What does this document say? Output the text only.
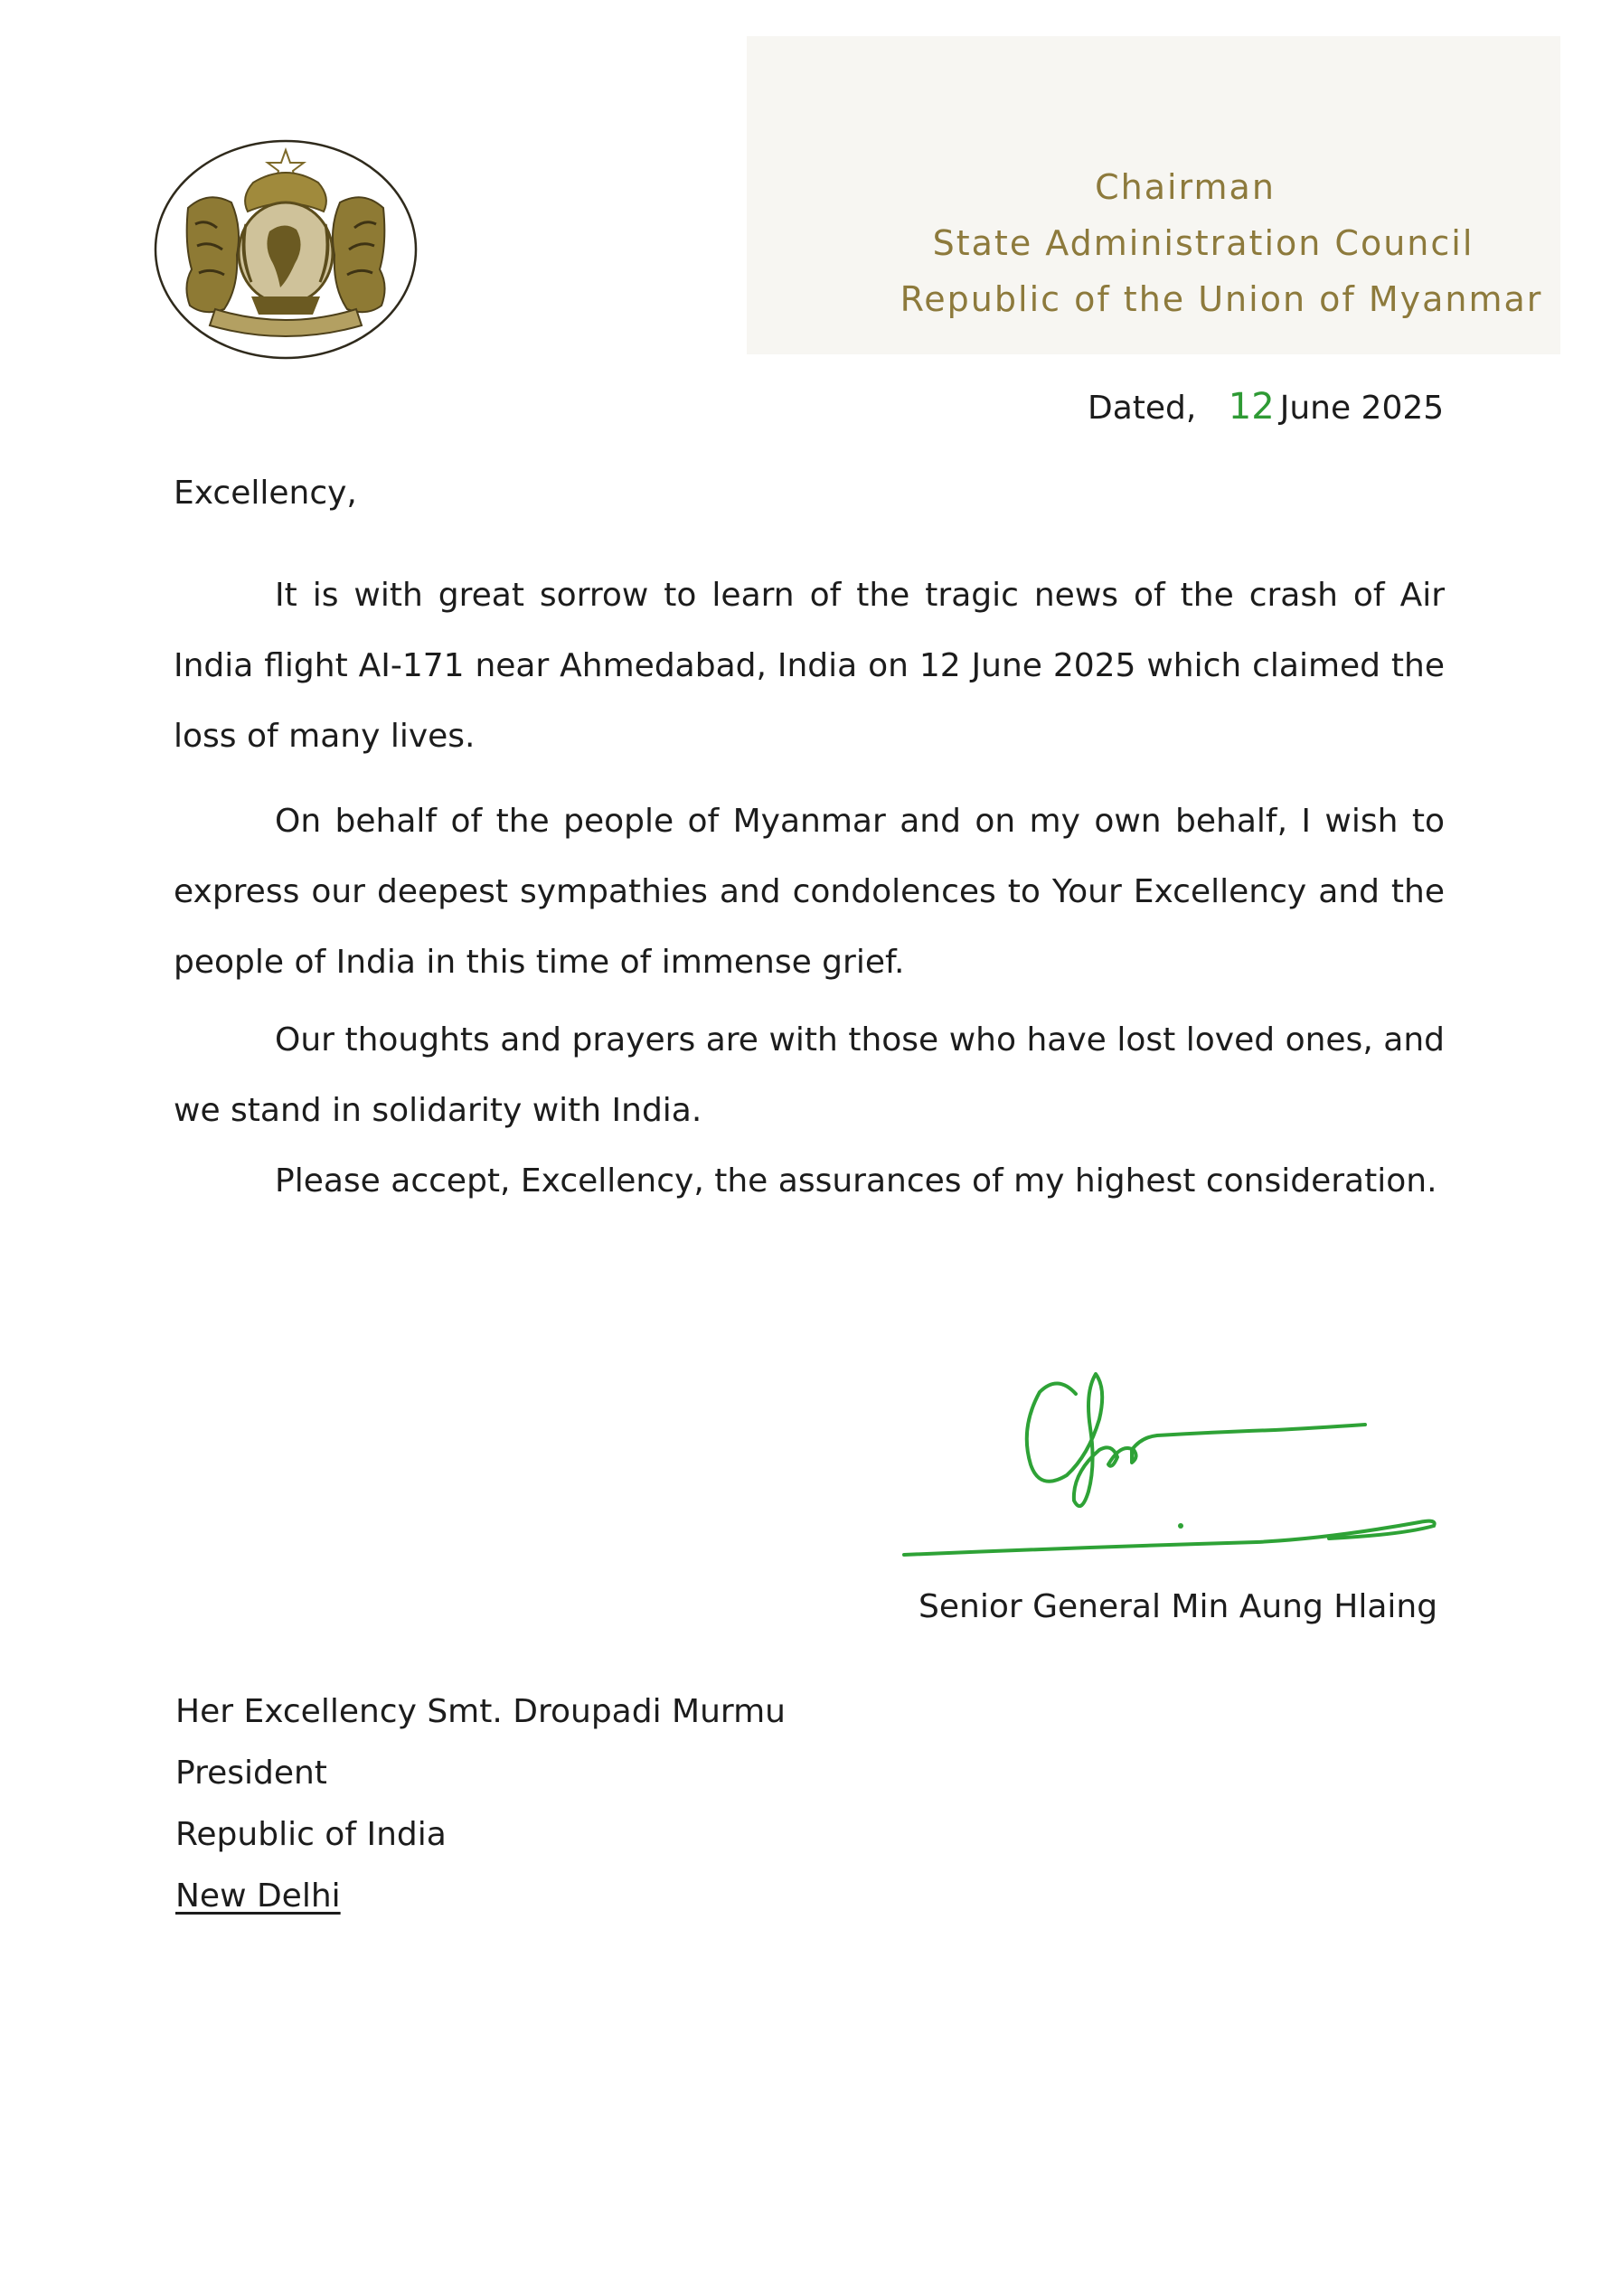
Chairman
State Administration Council
Republic of the Union of Myanmar
Dated, 12 June 2025
Excellency,
It is with great sorrow to learn of the tragic news of the crash of Air India flight AI-171 near Ahmedabad, India on 12 June 2025 which claimed the loss of many lives.
On behalf of the people of Myanmar and on my own behalf, I wish to express our deepest sympathies and condolences to Your Excellency and the people of India in this time of immense grief.
Our thoughts and prayers are with those who have lost loved ones, and we stand in solidarity with India.
Please accept, Excellency, the assurances of my highest consideration.
Senior General Min Aung Hlaing
Her Excellency Smt. Droupadi Murmu
President
Republic of India
New Delhi
